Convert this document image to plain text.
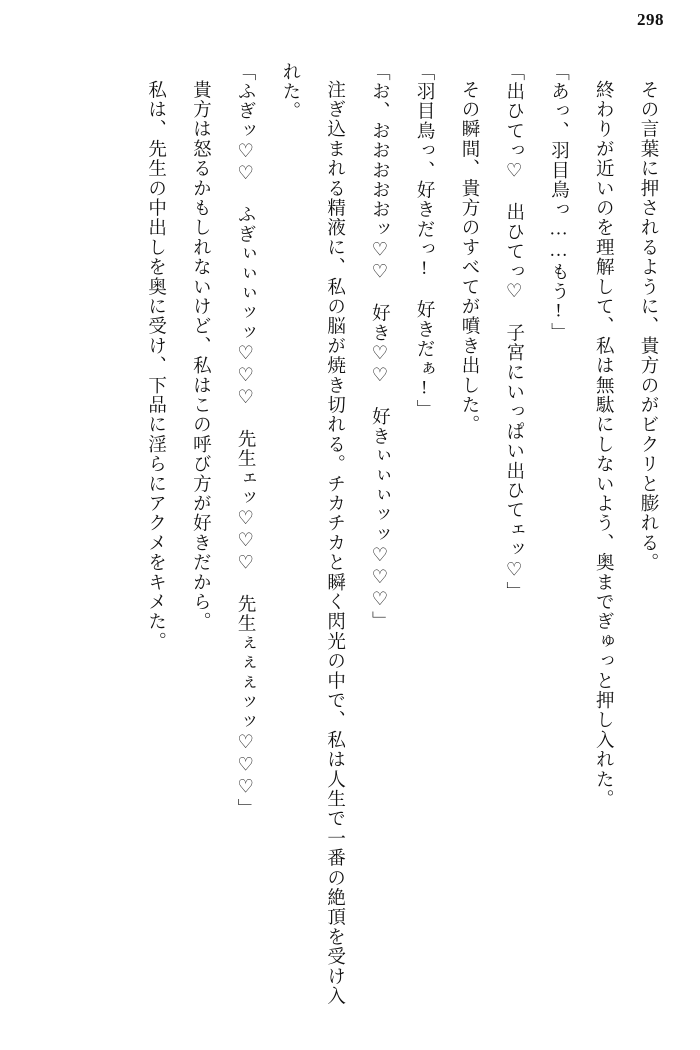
298

その言葉に押されるように、貴方のがビクリと膨れる。

終わりが近いのを理解して、私は無駄にしないよう、奥までぎゅっと押し入れた。

「あっ、羽目鳥っ……もう!」

「出ひてっ♡　出ひてっ♡　子宮にいっぱい出ひてェッ♡」

その瞬間、貴方のすべてが噴き出した。

「羽目鳥っ、好きだっ!　好きだぁ!」

「お、おおおおおッ♡♡　好き♡♡　好きぃぃぃッッ♡♡♡」

注ぎ込まれる精液に、私の脳が焼き切れる。チカチカと瞬く閃光の中で、私は人生で一番の絶頂を受け入れた。

「ふぎッ♡♡　ふぎぃぃぃッッ♡♡♡　先生ェッ♡♡♡　先生ぇぇぇッッ♡♡♡」

貴方は怒るかもしれないけど、私はこの呼び方が好きだから。

私は、先生の中出しを奥に受け、下品に淫らにアクメをキメた。
